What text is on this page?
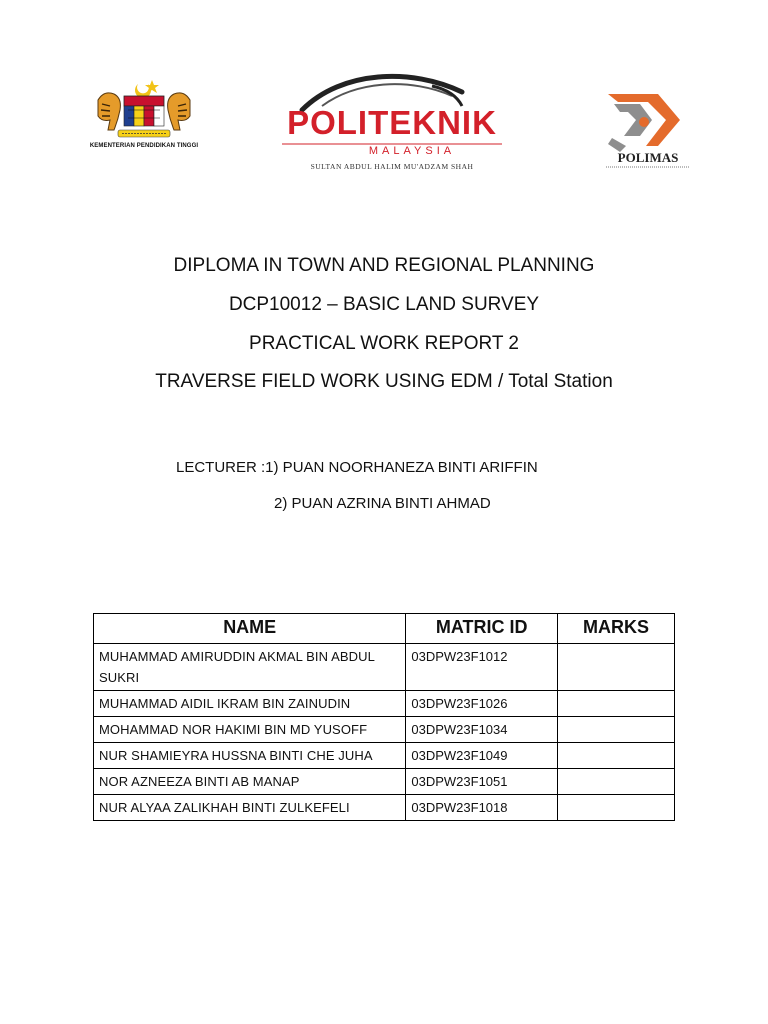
KEMENTERIAN PENDIDIKAN TINGGI
POLITEKNIK
MALAYSIA
SULTAN ABDUL HALIM MU'ADZAM SHAH
POLIMAS
DIPLOMA IN TOWN AND REGIONAL PLANNING
DCP10012 – BASIC LAND SURVEY
PRACTICAL WORK REPORT 2
TRAVERSE FIELD WORK USING EDM / Total Station
LECTURER :1) PUAN NOORHANEZA BINTI ARIFFIN
2) PUAN AZRINA BINTI AHMAD
NAME	MATRIC ID	MARKS
MUHAMMAD AMIRUDDIN AKMAL BIN ABDUL SUKRI	03DPW23F1012	
MUHAMMAD AIDIL IKRAM BIN ZAINUDIN	03DPW23F1026	
MOHAMMAD NOR HAKIMI BIN MD YUSOFF	03DPW23F1034	
NUR SHAMIEYRA HUSSNA BINTI CHE JUHA	03DPW23F1049	
NOR AZNEEZA BINTI AB MANAP	03DPW23F1051	
NUR ALYAA ZALIKHAH BINTI ZULKEFELI	03DPW23F1018	
